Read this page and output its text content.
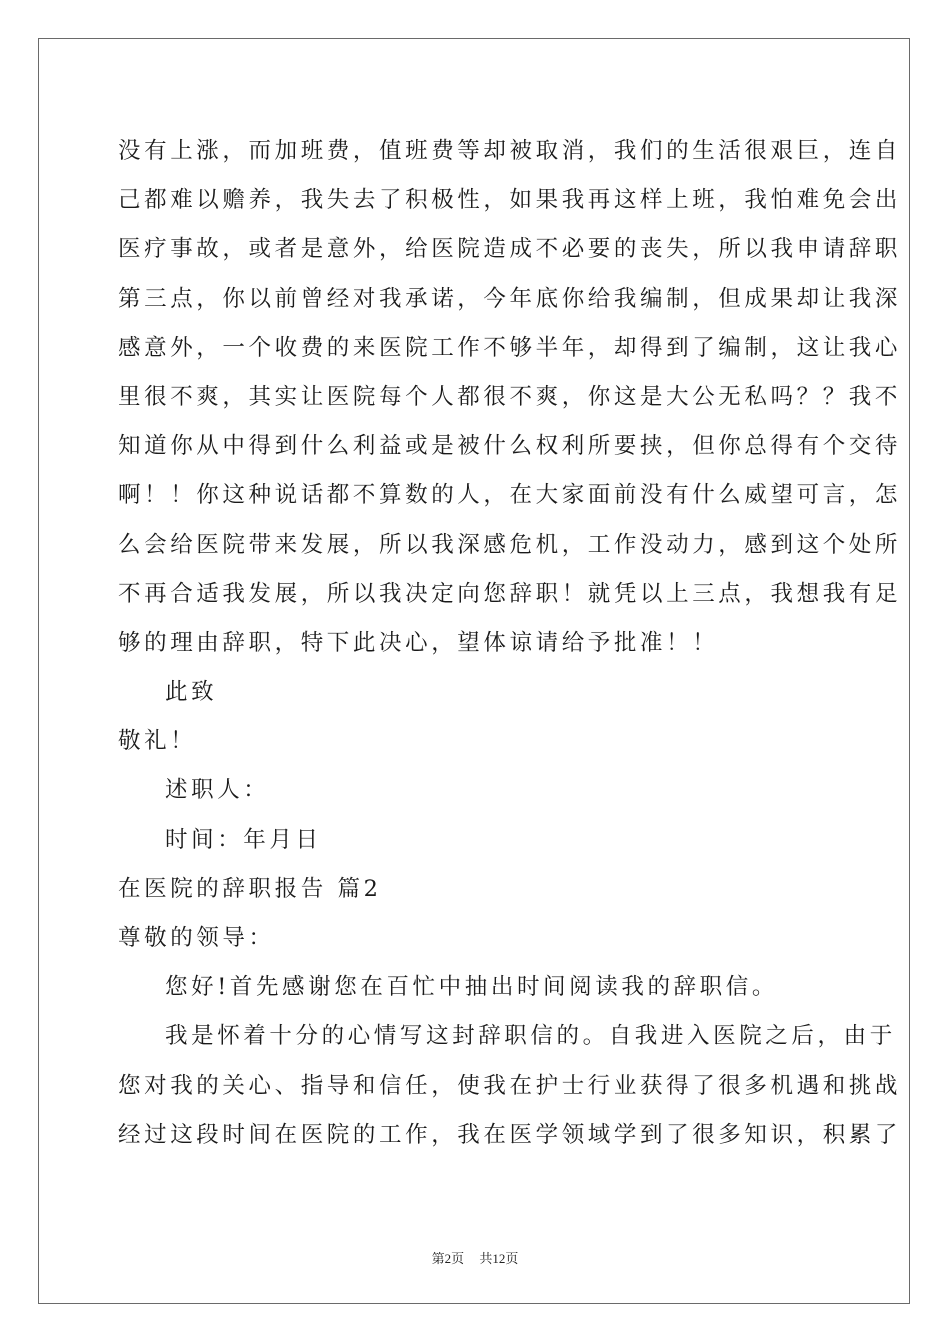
没有上涨，而加班费，值班费等却被取消，我们的生活很艰巨，连自
己都难以赡养，我失去了积极性，如果我再这样上班，我怕难免会出
医疗事故，或者是意外，给医院造成不必要的丧失，所以我申请辞职
第三点，你以前曾经对我承诺，今年底你给我编制，但成果却让我深
感意外，一个收费的来医院工作不够半年，却得到了编制，这让我心
里很不爽，其实让医院每个人都很不爽，你这是大公无私吗？？我不
知道你从中得到什么利益或是被什么权利所要挟，但你总得有个交待
啊！！你这种说话都不算数的人，在大家面前没有什么威望可言，怎
么会给医院带来发展，所以我深感危机，工作没动力，感到这个处所
不再合适我发展，所以我决定向您辞职！就凭以上三点，我想我有足
够的理由辞职，特下此决心，望体谅请给予批准！！
此致
敬礼！
述职人：
时间：年月日
在医院的辞职报告 篇2
尊敬的领导：
您好!首先感谢您在百忙中抽出时间阅读我的辞职信。
我是怀着十分的心情写这封辞职信的。自我进入医院之后，由于
您对我的关心、指导和信任，使我在护士行业获得了很多机遇和挑战
经过这段时间在医院的工作，我在医学领域学到了很多知识，积累了
第2页 共12页
